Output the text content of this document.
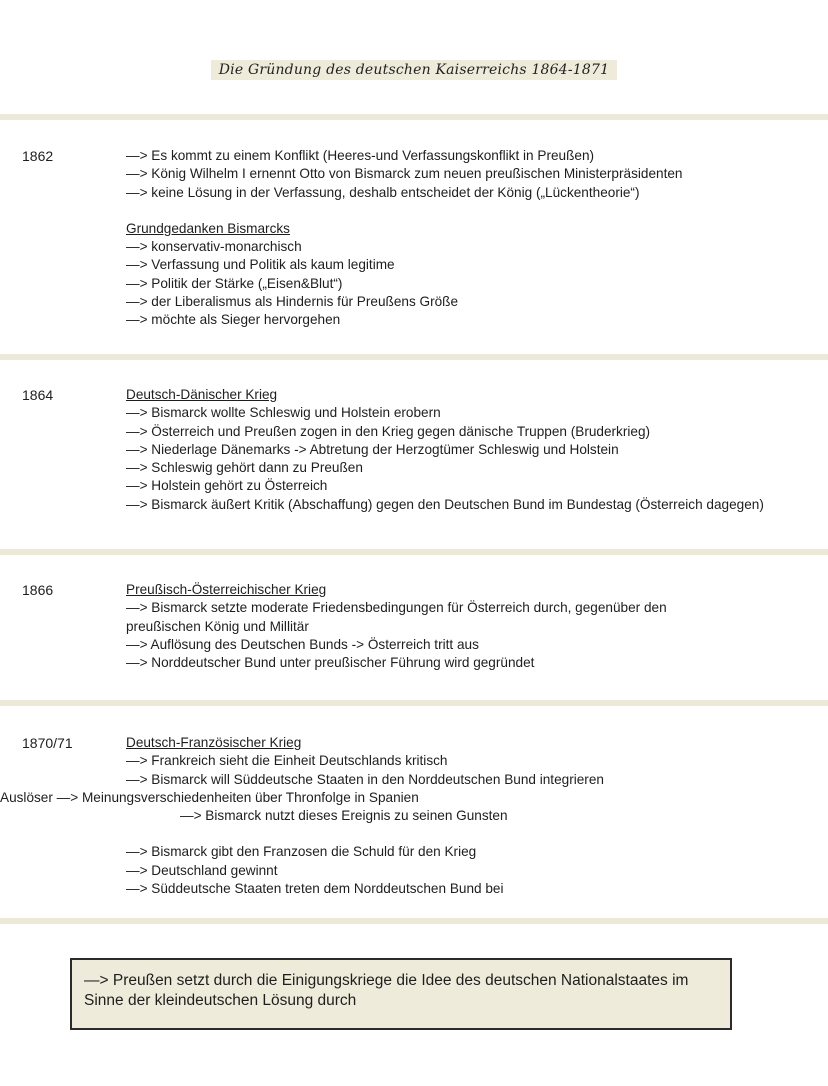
Die Gründung des deutschen Kaiserreichs 1864-1871
1862	—> Es kommt zu einem Konflikt (Heeres-und Verfassungskonflikt in Preußen)
—> König Wilhelm I ernennt Otto von Bismarck zum neuen preußischen Ministerpräsidenten
—> keine Lösung in der Verfassung, deshalb entscheidet der König („Lückentheorie“)
Grundgedanken Bismarcks
—> konservativ-monarchisch
—> Verfassung und Politik als kaum legitime
—> Politik der Stärke („Eisen&Blut“)
—> der Liberalismus als Hindernis für Preußens Größe
—> möchte als Sieger hervorgehen
1864	Deutsch-Dänischer Krieg
—> Bismarck wollte Schleswig und Holstein erobern
—> Österreich und Preußen zogen in den Krieg gegen dänische Truppen (Bruderkrieg)
—> Niederlage Dänemarks -> Abtretung der Herzogtümer Schleswig und Holstein
—> Schleswig gehört dann zu Preußen
—> Holstein gehört zu Österreich
—> Bismarck äußert Kritik (Abschaffung) gegen den Deutschen Bund im Bundestag (Österreich dagegen)
1866	Preußisch-Österreichischer Krieg
—> Bismarck setzte moderate Friedensbedingungen für Österreich durch, gegenüber den
preußischen König und Millitär
—> Auflösung des Deutschen Bunds -> Österreich tritt aus
—> Norddeutscher Bund unter preußischer Führung wird gegründet
1870/71	Deutsch-Französischer Krieg
—> Frankreich sieht die Einheit Deutschlands kritisch
—> Bismarck will Süddeutsche Staaten in den Norddeutschen Bund integrieren
Auslöser —> Meinungsverschiedenheiten über Thronfolge in Spanien
—> Bismarck nutzt dieses Ereignis zu seinen Gunsten
—> Bismarck gibt den Franzosen die Schuld für den Krieg
—> Deutschland gewinnt
—> Süddeutsche Staaten treten dem Norddeutschen Bund bei
—> Preußen setzt durch die Einigungskriege die Idee des deutschen Nationalstaates im Sinne der kleindeutschen Lösung durch
